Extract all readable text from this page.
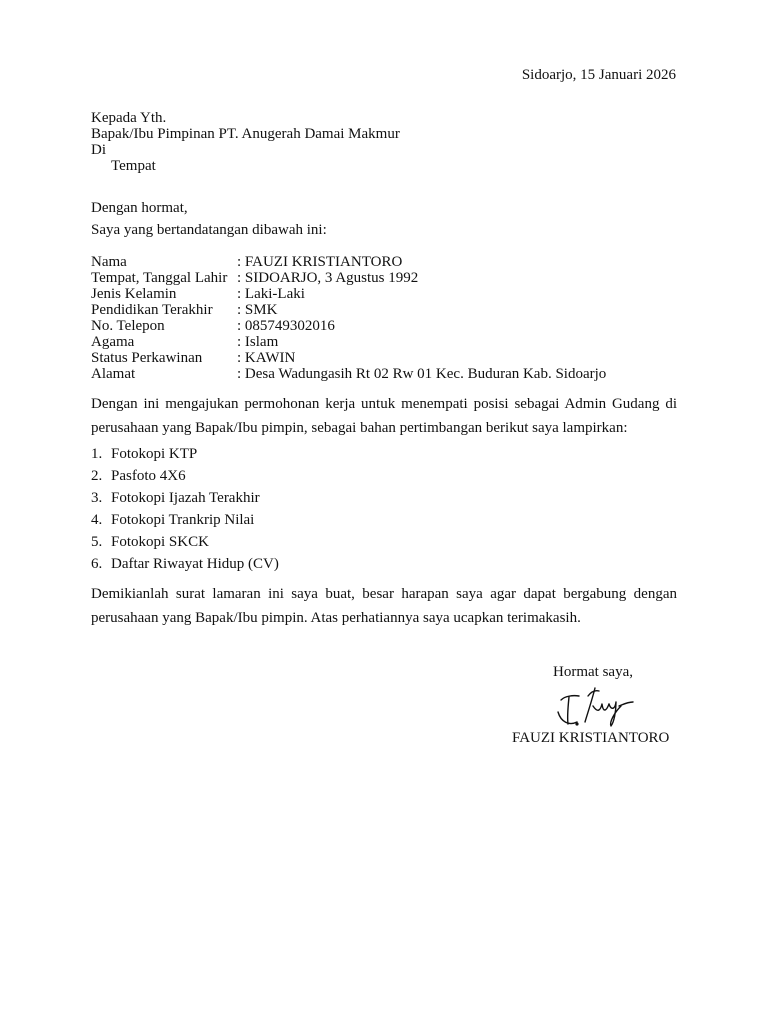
Sidoarjo, 15 Januari 2026
Kepada Yth.
Bapak/Ibu Pimpinan PT. Anugerah Damai Makmur
Di
Tempat
Dengan hormat,
Saya yang bertandatangan dibawah ini:
Nama	: FAUZI KRISTIANTORO
Tempat, Tanggal Lahir : SIDOARJO, 3 Agustus 1992
Jenis Kelamin	: Laki-Laki
Pendidikan Terakhir : SMK
No. Telepon	: 085749302016
Agama	: Islam
Status Perkawinan : KAWIN
Alamat	: Desa Wadungasih Rt 02 Rw 01 Kec. Buduran Kab. Sidoarjo
Dengan ini mengajukan permohonan kerja untuk menempati posisi sebagai Admin Gudang di perusahaan yang Bapak/Ibu pimpin, sebagai bahan pertimbangan berikut saya lampirkan:
1. Fotokopi KTP
2. Pasfoto 4X6
3. Fotokopi Ijazah Terakhir
4. Fotokopi Trankrip Nilai
5. Fotokopi SKCK
6. Daftar Riwayat Hidup (CV)
Demikianlah surat lamaran ini saya buat, besar harapan saya agar dapat bergabung dengan perusahaan yang Bapak/Ibu pimpin. Atas perhatiannya saya ucapkan terimakasih.
Hormat saya,
FAUZI KRISTIANTORO
